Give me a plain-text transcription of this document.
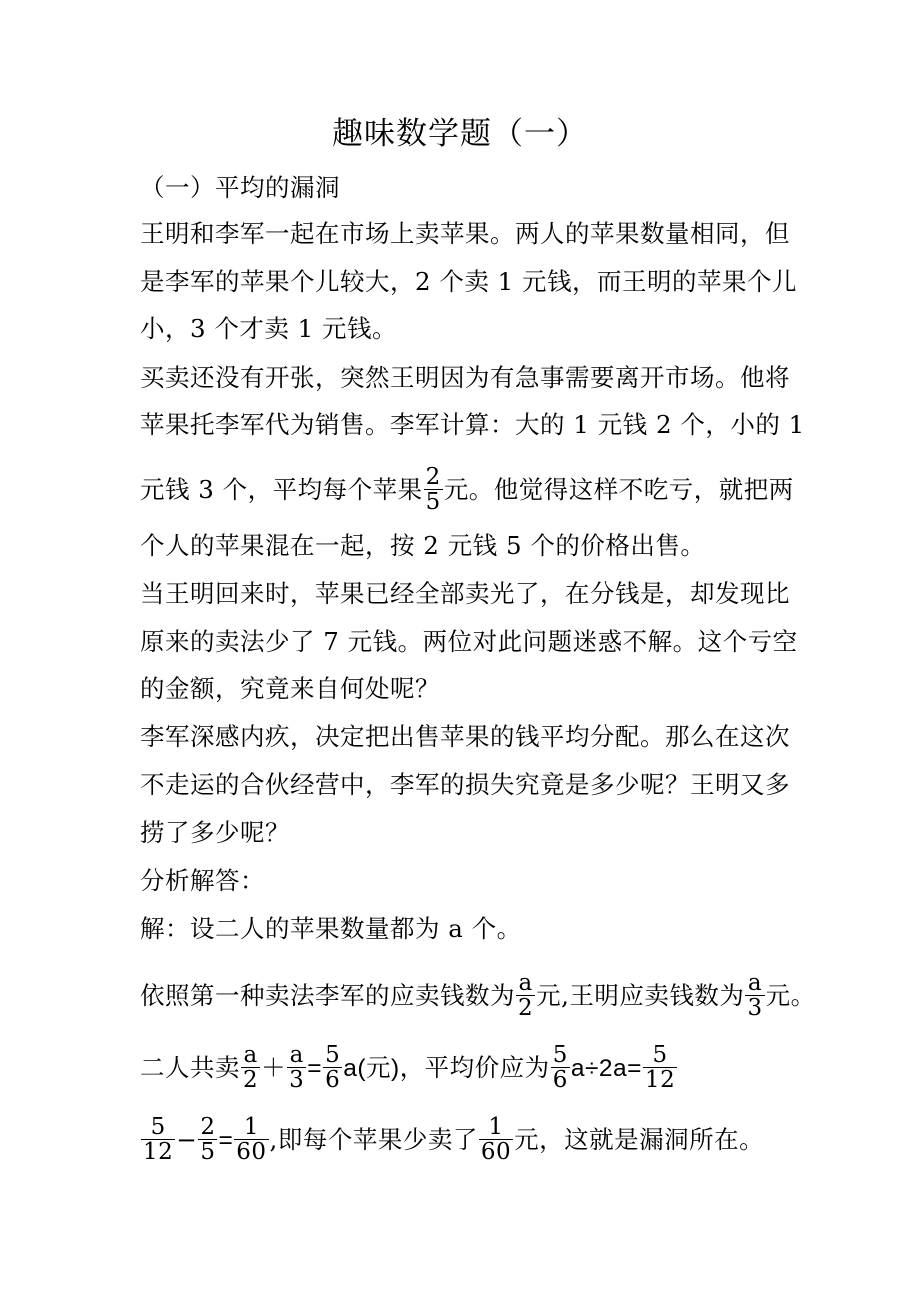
趣味数学题（一）
（一）平均的漏洞
王明和李军一起在市场上卖苹果。两人的苹果数量相同，但
是李军的苹果个儿较大，2 个卖 1 元钱，而王明的苹果个儿
小，3 个才卖 1 元钱。
买卖还没有开张，突然王明因为有急事需要离开市场。他将
苹果托李军代为销售。李军计算：大的 1 元钱 2 个，小的 1
元钱 3 个，平均每个苹果 $\frac{2}{5}$ 元。他觉得这样不吃亏，就把两
个人的苹果混在一起，按 2 元钱 5 个的价格出售。
当王明回来时，苹果已经全部卖光了，在分钱是，却发现比
原来的卖法少了 7 元钱。两位对此问题迷惑不解。这个亏空
的金额，究竟来自何处呢？
李军深感内疚，决定把出售苹果的钱平均分配。那么在这次
不走运的合伙经营中，李军的损失究竟是多少呢？王明又多
捞了多少呢？
分析解答：
解：设二人的苹果数量都为 a 个。
依照第一种卖法李军的应卖钱数为 $\frac{a}{2}$ 元,王明应卖钱数为 $\frac{a}{3}$ 元。
二人共卖 $\frac{a}{2} + \frac{a}{3} = \frac{5}{6} a$(元)，平均价应为 $\frac{5}{6} a\div 2a= \frac{5}{12}$
$\frac{5}{12} - \frac{2}{5} = \frac{1}{60}$ ,即每个苹果少卖了 $\frac{1}{60}$ 元，这就是漏洞所在。
